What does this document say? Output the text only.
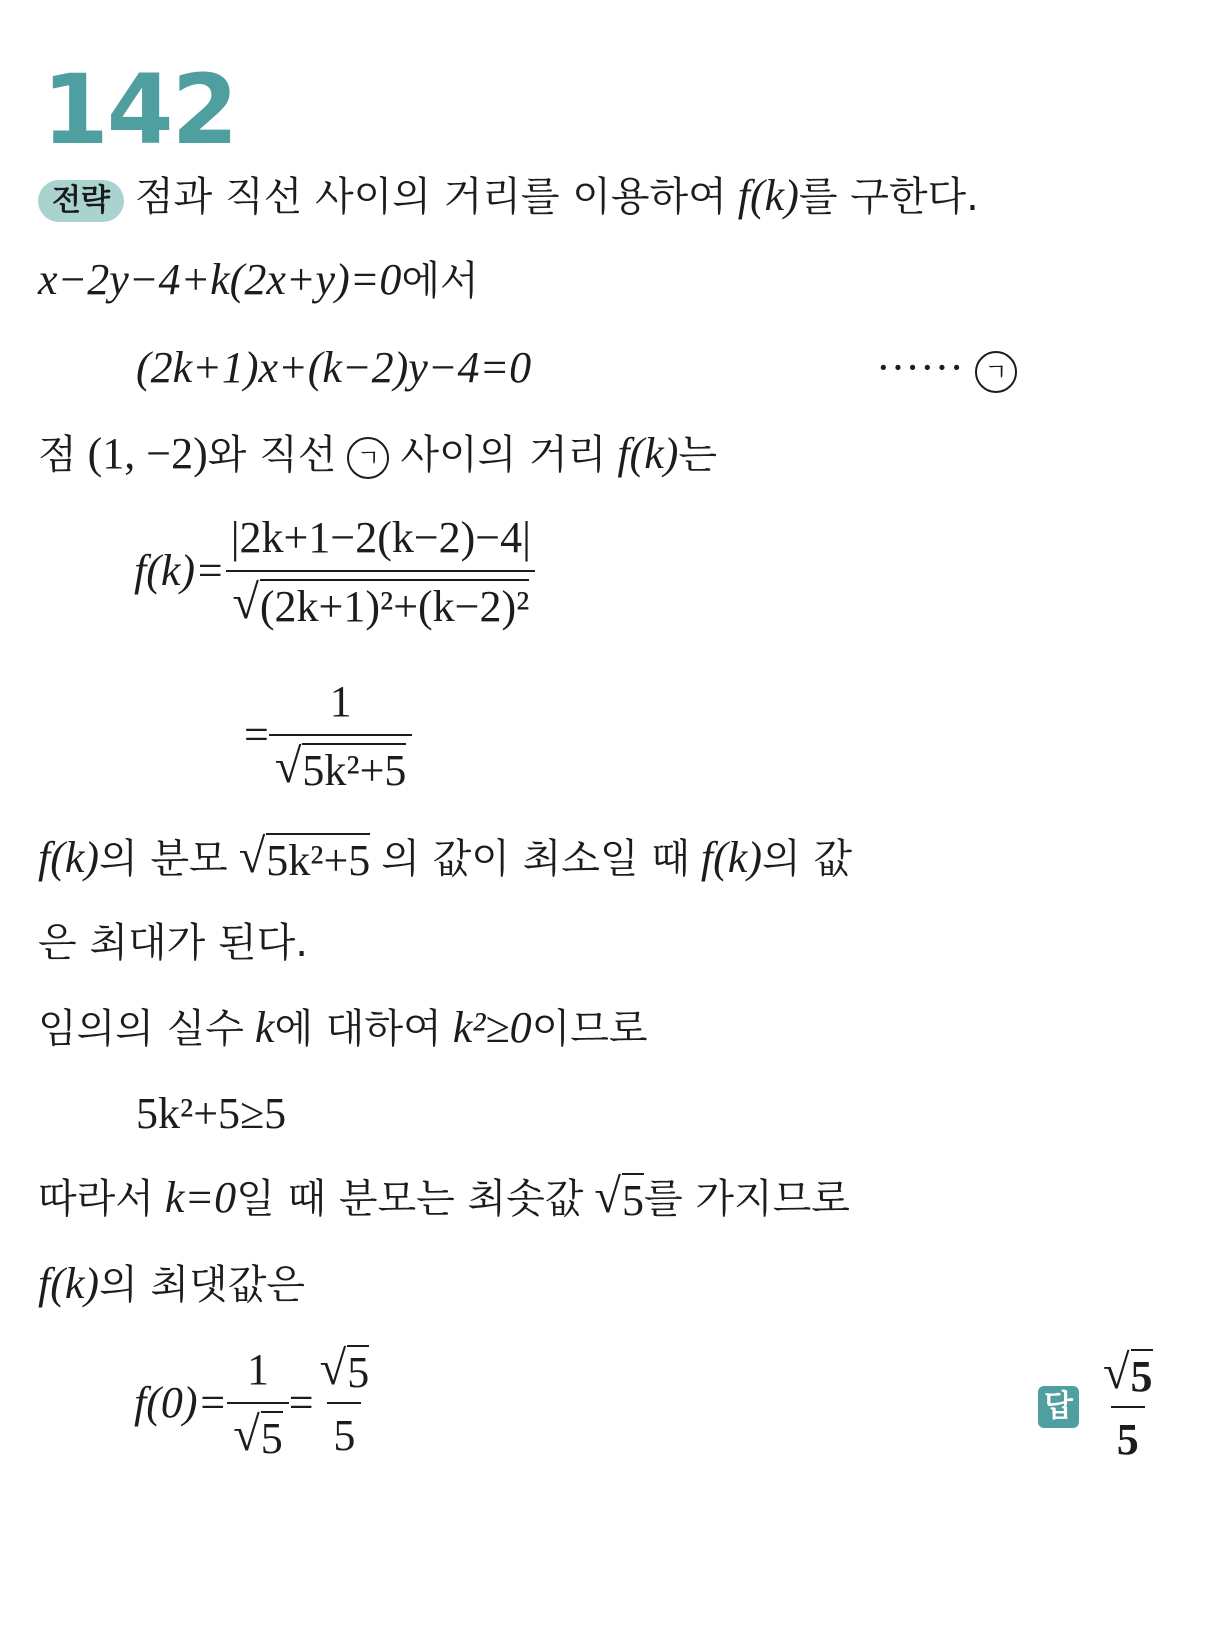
142
전략 점과 직선 사이의 거리를 이용하여 f(k)를 구한다.
x−2y−4+k(2x+y)=0에서
(2k+1)x+(k−2)y−4=0	······ ㄱ
점 (1, −2)와 직선 ㄱ 사이의 거리 f(k)는
$f(k)= \frac{|2k+1-2(k-2)-4|}{\text{√ (2k+1)²+(k−2)²}}$
= $\frac{1}{\text{√ 5k²+5}}$
f(k)의 분모 √ 5k²+5 의 값이 최소일 때 f(k)의 값
은 최대가 된다.
임의의 실수 k에 대하여 k²≥0이므로
5k²+5≥5
따라서 k=0일 때 분모는 최솟값 √ 5 를 가지므로
f(k)의 최댓값은
$f(0)= \frac{1}{√ 5} = \frac{√ 5}{5}$	답 $\frac{√ 5}{5}$
